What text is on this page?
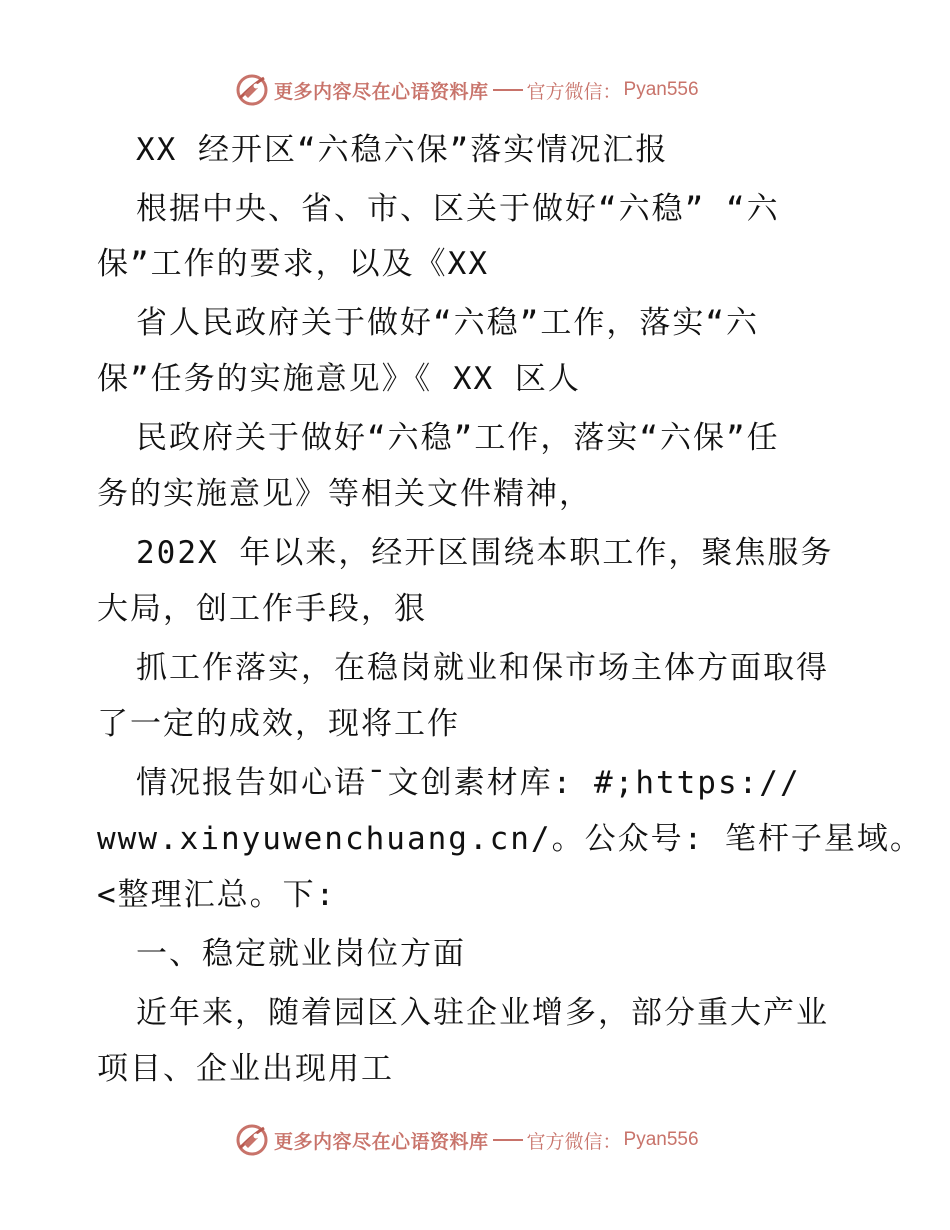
更多内容尽在心语资料库 官方微信： Pyan556
XX 经开区“六稳六保”落实情况汇报
根据中央、省、市、区关于做好“六稳” “六
保”工作的要求，以及《XX
省人民政府关于做好“六稳”工作，落实“六
保”任务的实施意见》《 XX 区人
民政府关于做好“六稳”工作，落实“六保”任
务的实施意见》等相关文件精神，
202X 年以来，经开区围绕本职工作，聚焦服务
大局，创工作手段，狠
抓工作落实，在稳岗就业和保市场主体方面取得
了一定的成效，现将工作
情况报告如心语¯文创素材库: #;https://
www.xinyuwenchuang.cn/。公众号: 笔杆子星域。
<整理汇总。下:
一、稳定就业岗位方面
近年来，随着园区入驻企业增多，部分重大产业
项目、企业出现用工
更多内容尽在心语资料库 官方微信： Pyan556
